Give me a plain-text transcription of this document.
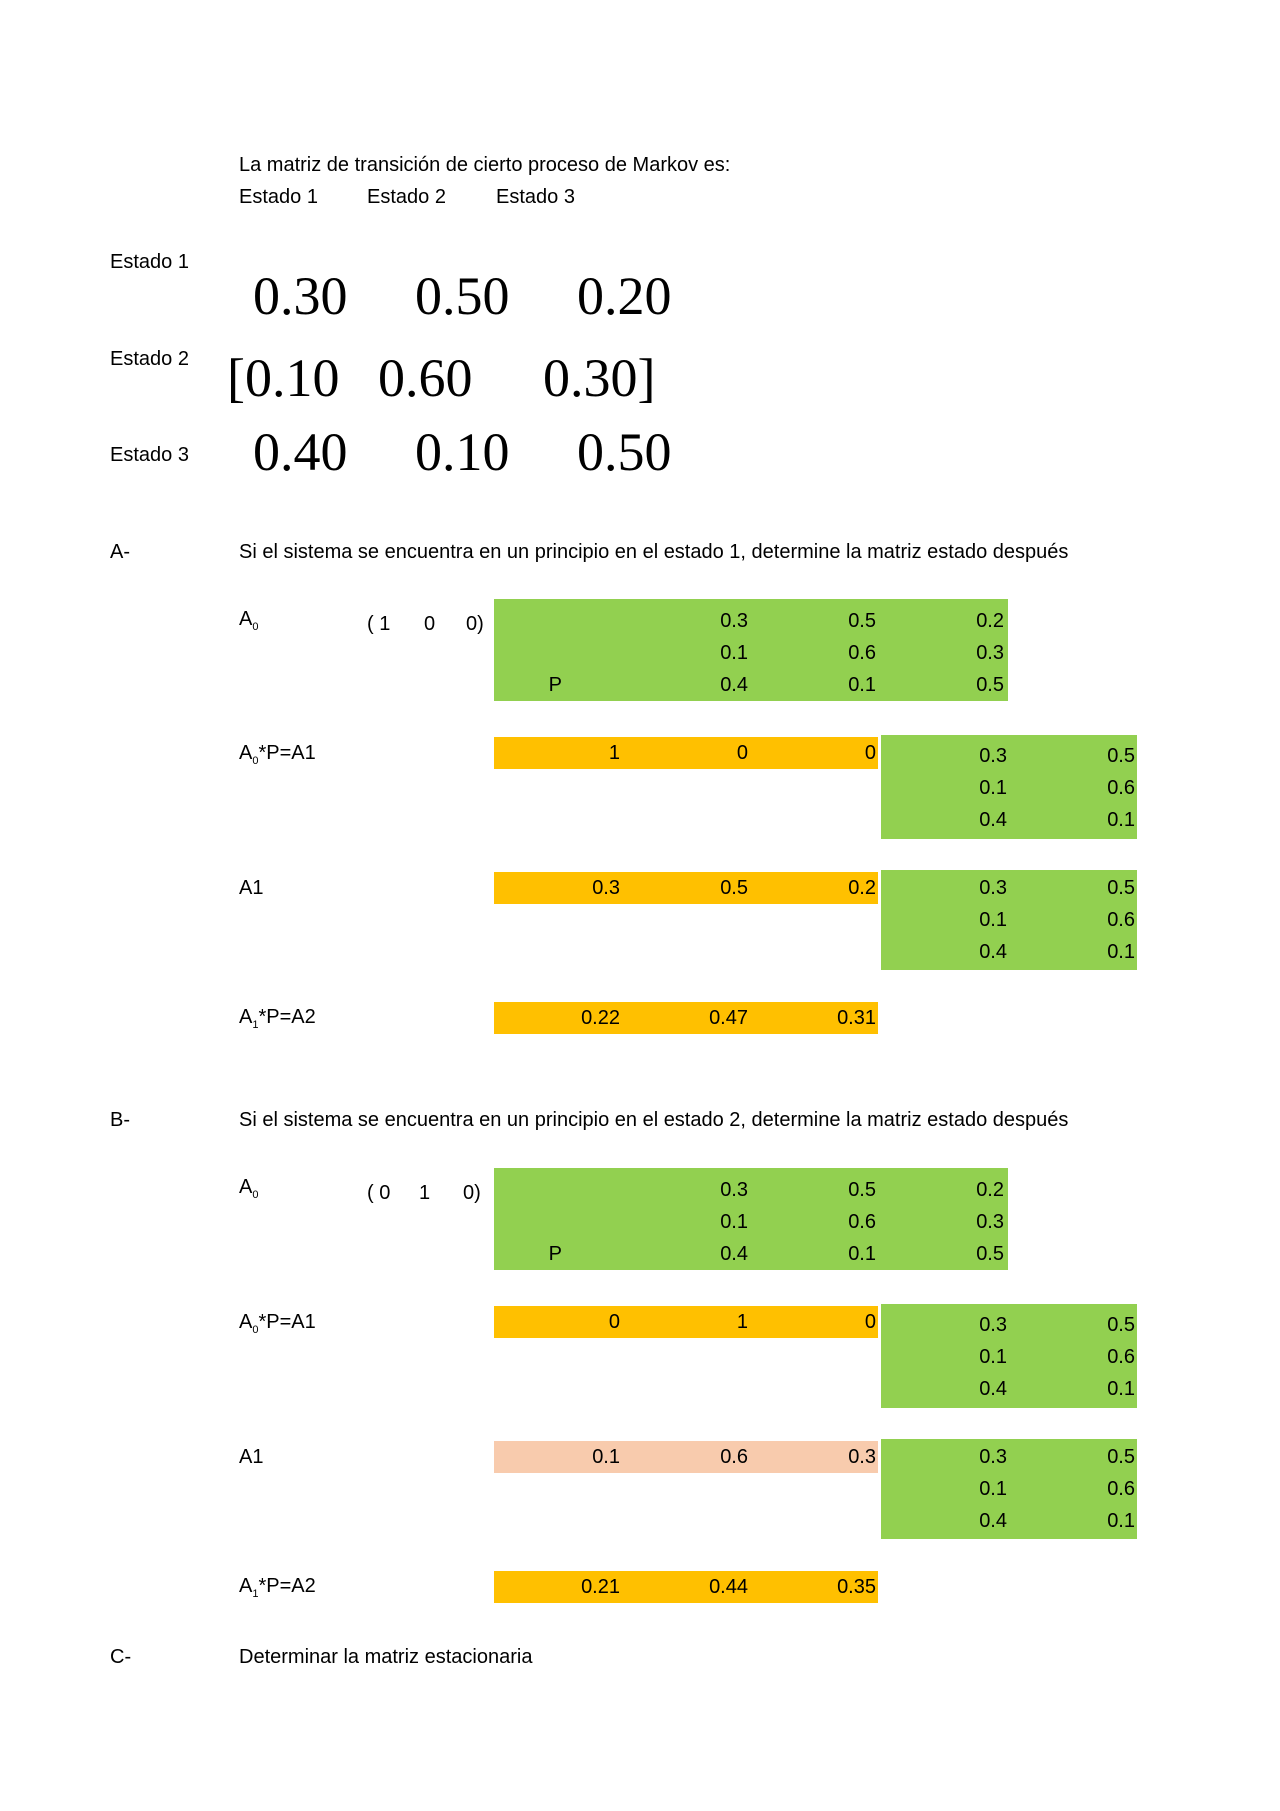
La matriz de transición de cierto proceso de Markov es:
Estado 1 Estado 2	Estado 3
Estado 1
Estado 2
Estado 3
0.30 0.50 0.20
[0.10 0.60 0.30]
0.40 0.10 0.50
A-	Si el sistema se encuentra en un principio en el estado 1, determine la matriz estado después
$A_0$	( 1 0 0)
P
0.3	0.5	0.2
0.1	0.6	0.3
0.4	0.1	0.5
$A_0*P=A1$	1	0	0	0.3	0.5
0.1	0.6
0.4	0.1
A1	0.3	0.5	0.2	0.3	0.5
0.1	0.6
0.4	0.1
$A_1*P=A2$	0.22	0.47	0.31
B-	Si el sistema se encuentra en un principio en el estado 2, determine la matriz estado después
$A_0$	( 0 1 0)
P
0.3	0.5	0.2
0.1	0.6	0.3
0.4	0.1	0.5
$A_0*P=A1$	0	1	0	0.3	0.5
0.1	0.6
0.4	0.1
A1	0.1	0.6	0.3	0.3	0.5
0.1	0.6
0.4	0.1
$A_1*P=A2$	0.21	0.44	0.35
C-	Determinar la matriz estacionaria
